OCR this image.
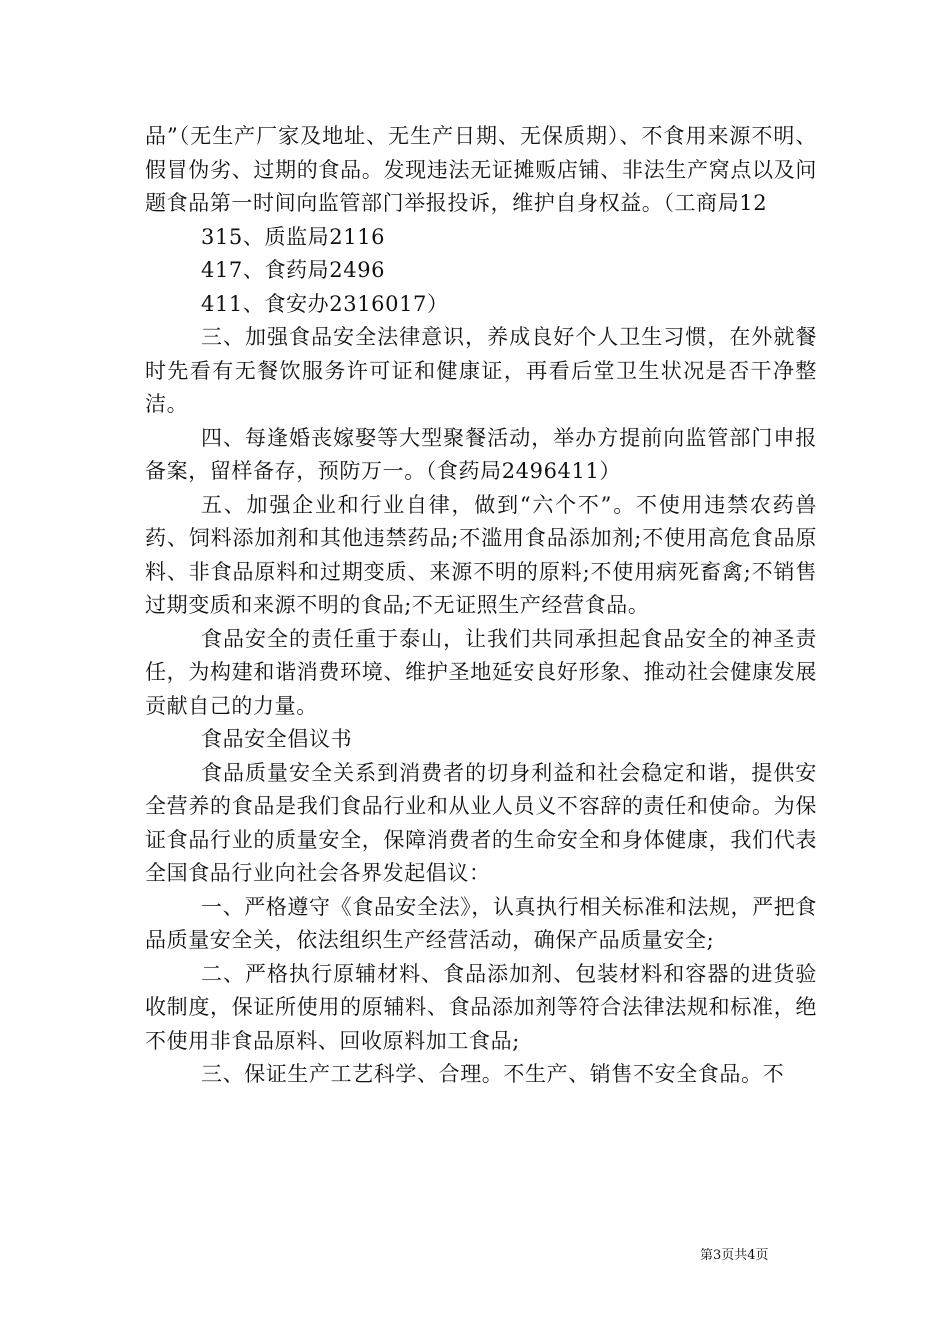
品”（无生产厂家及地址、无生产日期、无保质期）、不食用来源不明、假冒伪劣、过期的食品。发现违法无证摊贩店铺、非法生产窝点以及问题食品第一时间向监管部门举报投诉，维护自身权益。（工商局12

315、质监局2116

417、食药局2496

411、食安办2316017）

三、加强食品安全法律意识，养成良好个人卫生习惯，在外就餐时先看有无餐饮服务许可证和健康证，再看后堂卫生状况是否干净整洁。

四、每逢婚丧嫁娶等大型聚餐活动，举办方提前向监管部门申报备案，留样备存，预防万一。（食药局2496411）

五、加强企业和行业自律，做到“六个不”。不使用违禁农药兽药、饲料添加剂和其他违禁药品;不滥用食品添加剂;不使用高危食品原料、非食品原料和过期变质、来源不明的原料;不使用病死畜禽;不销售过期变质和来源不明的食品;不无证照生产经营食品。

食品安全的责任重于泰山，让我们共同承担起食品安全的神圣责任，为构建和谐消费环境、维护圣地延安良好形象、推动社会健康发展贡献自己的力量。

食品安全倡议书

食品质量安全关系到消费者的切身利益和社会稳定和谐，提供安全营养的食品是我们食品行业和从业人员义不容辞的责任和使命。为保证食品行业的质量安全，保障消费者的生命安全和身体健康，我们代表全国食品行业向社会各界发起倡议：

一、严格遵守《食品安全法》，认真执行相关标准和法规，严把食品质量安全关，依法组织生产经营活动，确保产品质量安全;

二、严格执行原辅材料、食品添加剂、包装材料和容器的进货验收制度，保证所使用的原辅料、食品添加剂等符合法律法规和标准，绝不使用非食品原料、回收原料加工食品;

三、保证生产工艺科学、合理。不生产、销售不安全食品。不

第3页共4页
